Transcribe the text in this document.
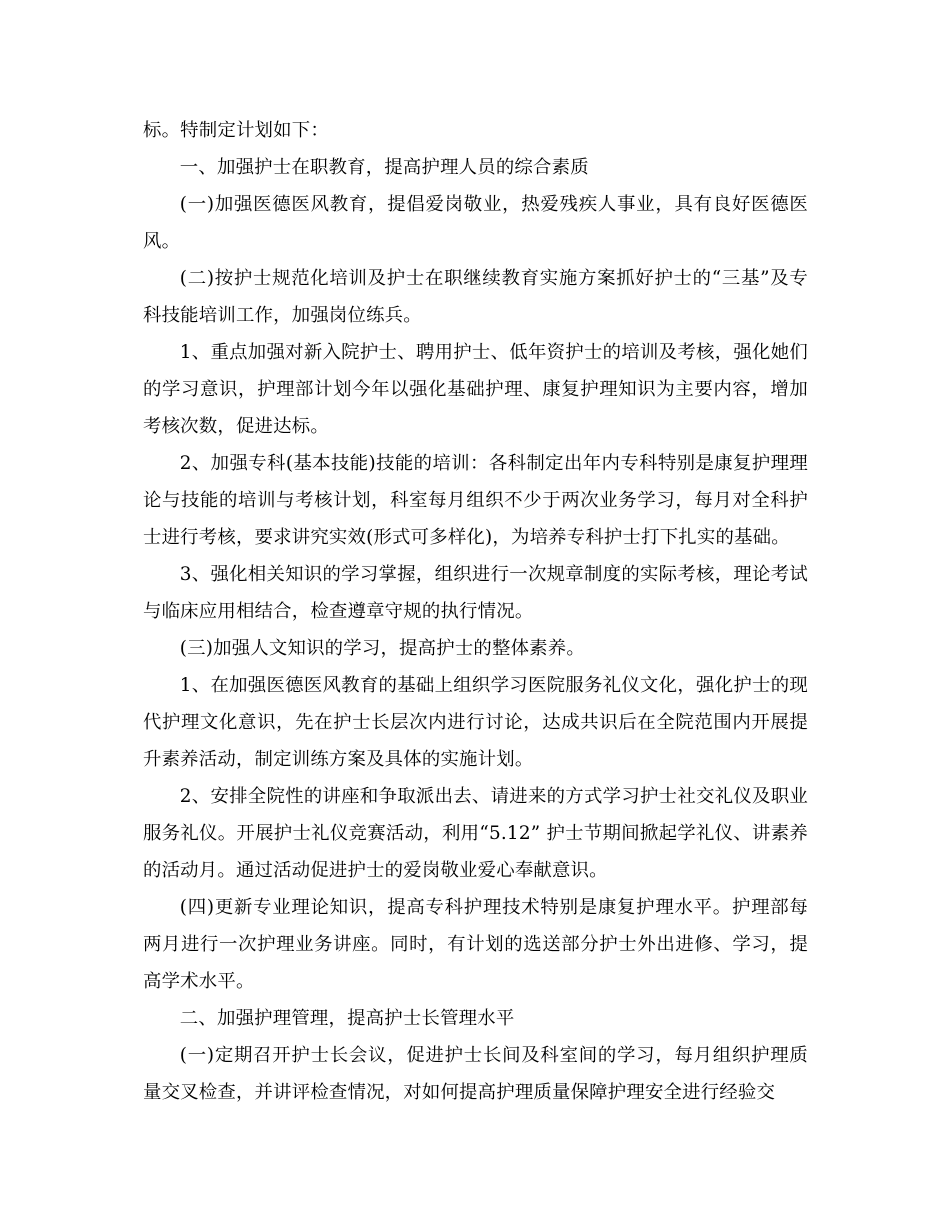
标。特制定计划如下：

一、加强护士在职教育，提高护理人员的综合素质

(一)加强医德医风教育，提倡爱岗敬业，热爱残疾人事业，具有良好医德医风。

(二)按护士规范化培训及护士在职继续教育实施方案抓好护士的“三基”及专科技能培训工作，加强岗位练兵。

1、重点加强对新入院护士、聘用护士、低年资护士的培训及考核，强化她们的学习意识，护理部计划今年以强化基础护理、康复护理知识为主要内容，增加考核次数，促进达标。

2、加强专科(基本技能)技能的培训：各科制定出年内专科特别是康复护理理论与技能的培训与考核计划，科室每月组织不少于两次业务学习，每月对全科护士进行考核，要求讲究实效(形式可多样化)，为培养专科护士打下扎实的基础。

3、强化相关知识的学习掌握，组织进行一次规章制度的实际考核，理论考试与临床应用相结合，检查遵章守规的执行情况。

(三)加强人文知识的学习，提高护士的整体素养。

1、在加强医德医风教育的基础上组织学习医院服务礼仪文化，强化护士的现代护理文化意识，先在护士长层次内进行讨论，达成共识后在全院范围内开展提升素养活动，制定训练方案及具体的实施计划。

2、安排全院性的讲座和争取派出去、请进来的方式学习护士社交礼仪及职业服务礼仪。开展护士礼仪竞赛活动，利用“5.12” 护士节期间掀起学礼仪、讲素养的活动月。通过活动促进护士的爱岗敬业爱心奉献意识。

(四)更新专业理论知识，提高专科护理技术特别是康复护理水平。护理部每两月进行一次护理业务讲座。同时，有计划的选送部分护士外出进修、学习，提高学术水平。

二、加强护理管理，提高护士长管理水平

(一)定期召开护士长会议，促进护士长间及科室间的学习，每月组织护理质量交叉检查，并讲评检查情况，对如何提高护理质量保障护理安全进行经验交
